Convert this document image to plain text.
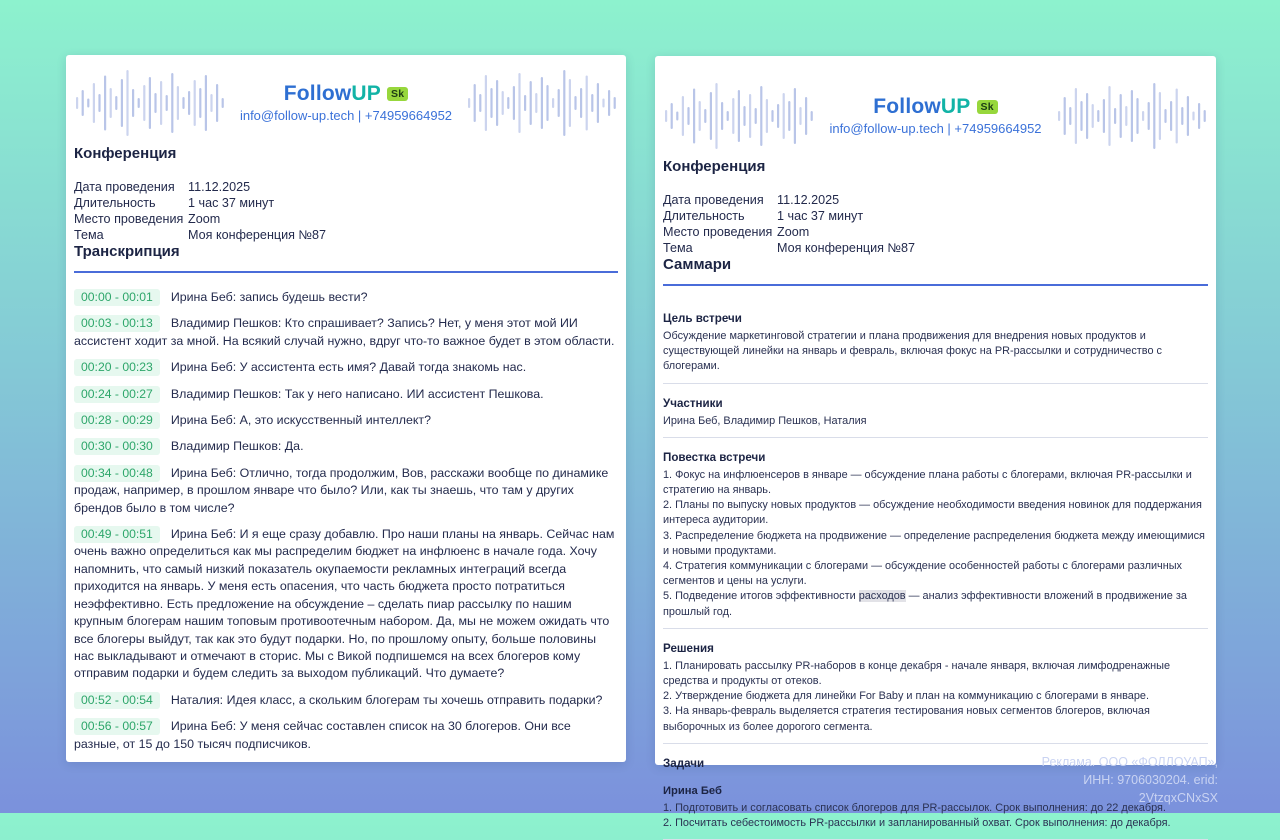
FollowUP Sk
info@follow-up.tech | +74959664952
Конференция
Дата проведения	11.12.2025
Длительность	1 час 37 минут
Место проведения Zoom
Тема	Моя конференция №87
Транскрипция

00:00 - 00:01 Ирина Беб: запись будешь вести?

00:03 - 00:13 Владимир Пешков: Кто спрашивает? Запись? Нет, у меня этот мой ИИ ассистент ходит за мной. На всякий случай нужно, вдруг что-то важное будет в этом области.

00:20 - 00:23 Ирина Беб: У ассистента есть имя? Давай тогда знакомь нас.

00:24 - 00:27 Владимир Пешков: Так у него написано. ИИ ассистент Пешкова.

00:28 - 00:29 Ирина Беб: А, это искусственный интеллект?

00:30 - 00:30 Владимир Пешков: Да.

00:34 - 00:48 Ирина Беб: Отлично, тогда продолжим, Вов, расскажи вообще по динамике продаж, например, в прошлом январе что было? Или, как ты знаешь, что там у других брендов было в том числе?

00:49 - 00:51 Ирина Беб: И я еще сразу добавлю. Про наши планы на январь. Сейчас нам очень важно определиться как мы распределим бюджет на инфлюенс в начале года. Хочу напомнить, что самый низкий показатель окупаемости рекламных интеграций всегда приходится на январь. У меня есть опасения, что часть бюджета просто потратиться неэффективно. Есть предложение на обсуждение – сделать пиар рассылку по нашим крупным блогерам нашим топовым противоотечным набором. Да, мы не можем ожидать что все блогеры выйдут, так как это будут подарки. Но, по прошлому опыту, больше половины нас выкладывают и отмечают в сторис. Мы с Викой подпишемся на всех блогеров кому отправим подарки и будем следить за выходом публикаций. Что думаете?

00:52 - 00:54 Наталия: Идея класс, а скольким блогерам ты хочешь отправить подарки?

00:56 - 00:57 Ирина Беб: У меня сейчас составлен список на 30 блогеров. Они все разные, от 15 до 150 тысяч подписчиков.

FollowUP Sk
info@follow-up.tech | +74959664952
Конференция
Дата проведения	11.12.2025
Длительность	1 час 37 минут
Место проведения Zoom
Тема	Моя конференция №87
Саммари

Цель встречи

Обсуждение маркетинговой стратегии и плана продвижения для внедрения новых продуктов и существующей линейки на январь и февраль, включая фокус на PR-рассылки и сотрудничество с блогерами.

Участники

Ирина Беб, Владимир Пешков, Наталия

Повестка встречи

1. Фокус на инфлюенсеров в январе — обсуждение плана работы с блогерами, включая PR-рассылки и стратегию на январь.

2. Планы по выпуску новых продуктов — обсуждение необходимости введения новинок для поддержания интереса аудитории.

3. Распределение бюджета на продвижение — определение распределения бюджета между имеющимися и новыми продуктами.

4. Стратегия коммуникации с блогерами — обсуждение особенностей работы с блогерами различных сегментов и цены на услуги.

5. Подведение итогов эффективности расходов — анализ эффективности вложений в продвижение за прошлый год.

Решения

1. Планировать рассылку PR-наборов в конце декабря - начале января, включая лимфодренажные средства и продукты от отеков.

2. Утверждение бюджета для линейки For Baby и план на коммуникацию с блогерами в январе.

3. На январь-февраль выделяется стратегия тестирования новых сегментов блогеров, включая выборочных из более дорогого сегмента.

Задачи

Ирина Беб

1. Подготовить и согласовать список блогеров для PR-рассылок. Срок выполнения: до 22 декабря.

2. Посчитать себестоимость PR-рассылки и запланированный охват. Срок выполнения: до декабря.

Реклама. ООО «ФОЛЛОУАП»,
ИНН: 9706030204. erid:
2VtzqxCNxSX
